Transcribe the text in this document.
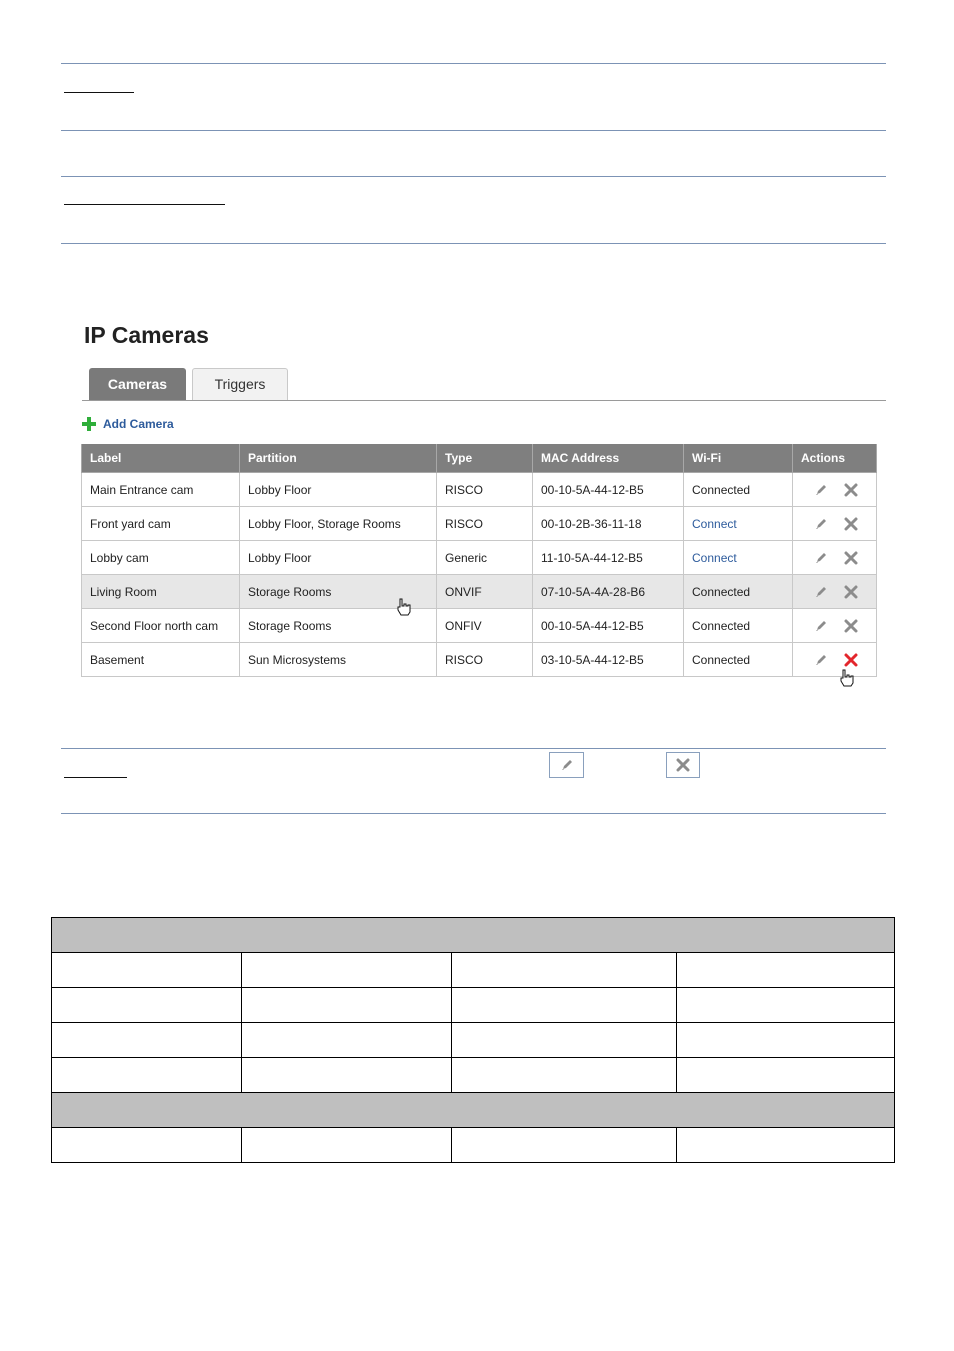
IP Cameras
Cameras	Triggers
Add Camera
Label	Partition	Type	MAC Address	Wi-Fi	Actions
Main Entrance cam	Lobby Floor	RISCO	00-10-5A-44-12-B5	Connected	

Front yard cam	Lobby Floor, Storage Rooms	RISCO	00-10-2B-36-11-18	Connect	

Lobby cam	Lobby Floor	Generic	11-10-5A-44-12-B5	Connect	

Living Room	Storage Rooms	ONVIF	07-10-5A-4A-28-B6	Connected	

Second Floor north cam	Storage Rooms	ONFIV	00-10-5A-44-12-B5	Connected	

Basement	Sun Microsystems	RISCO	03-10-5A-44-12-B5	Connected	
